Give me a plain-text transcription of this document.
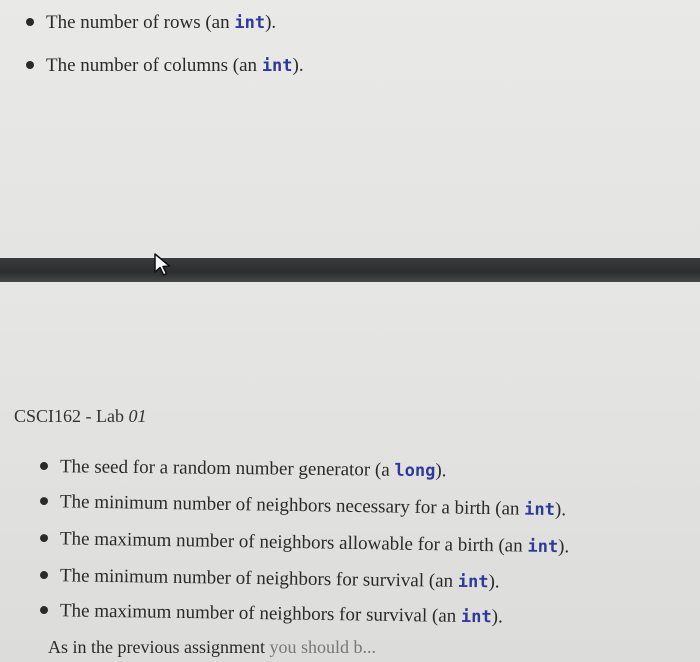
The number of rows (an int).
The number of columns (an int).
CSCI162 - Lab 01
The seed for a random number generator (a long).
The minimum number of neighbors necessary for a birth (an int).
The maximum number of neighbors allowable for a birth (an int).
The minimum number of neighbors for survival (an int).
The maximum number of neighbors for survival (an int).
As in the previous assignment you should b...
